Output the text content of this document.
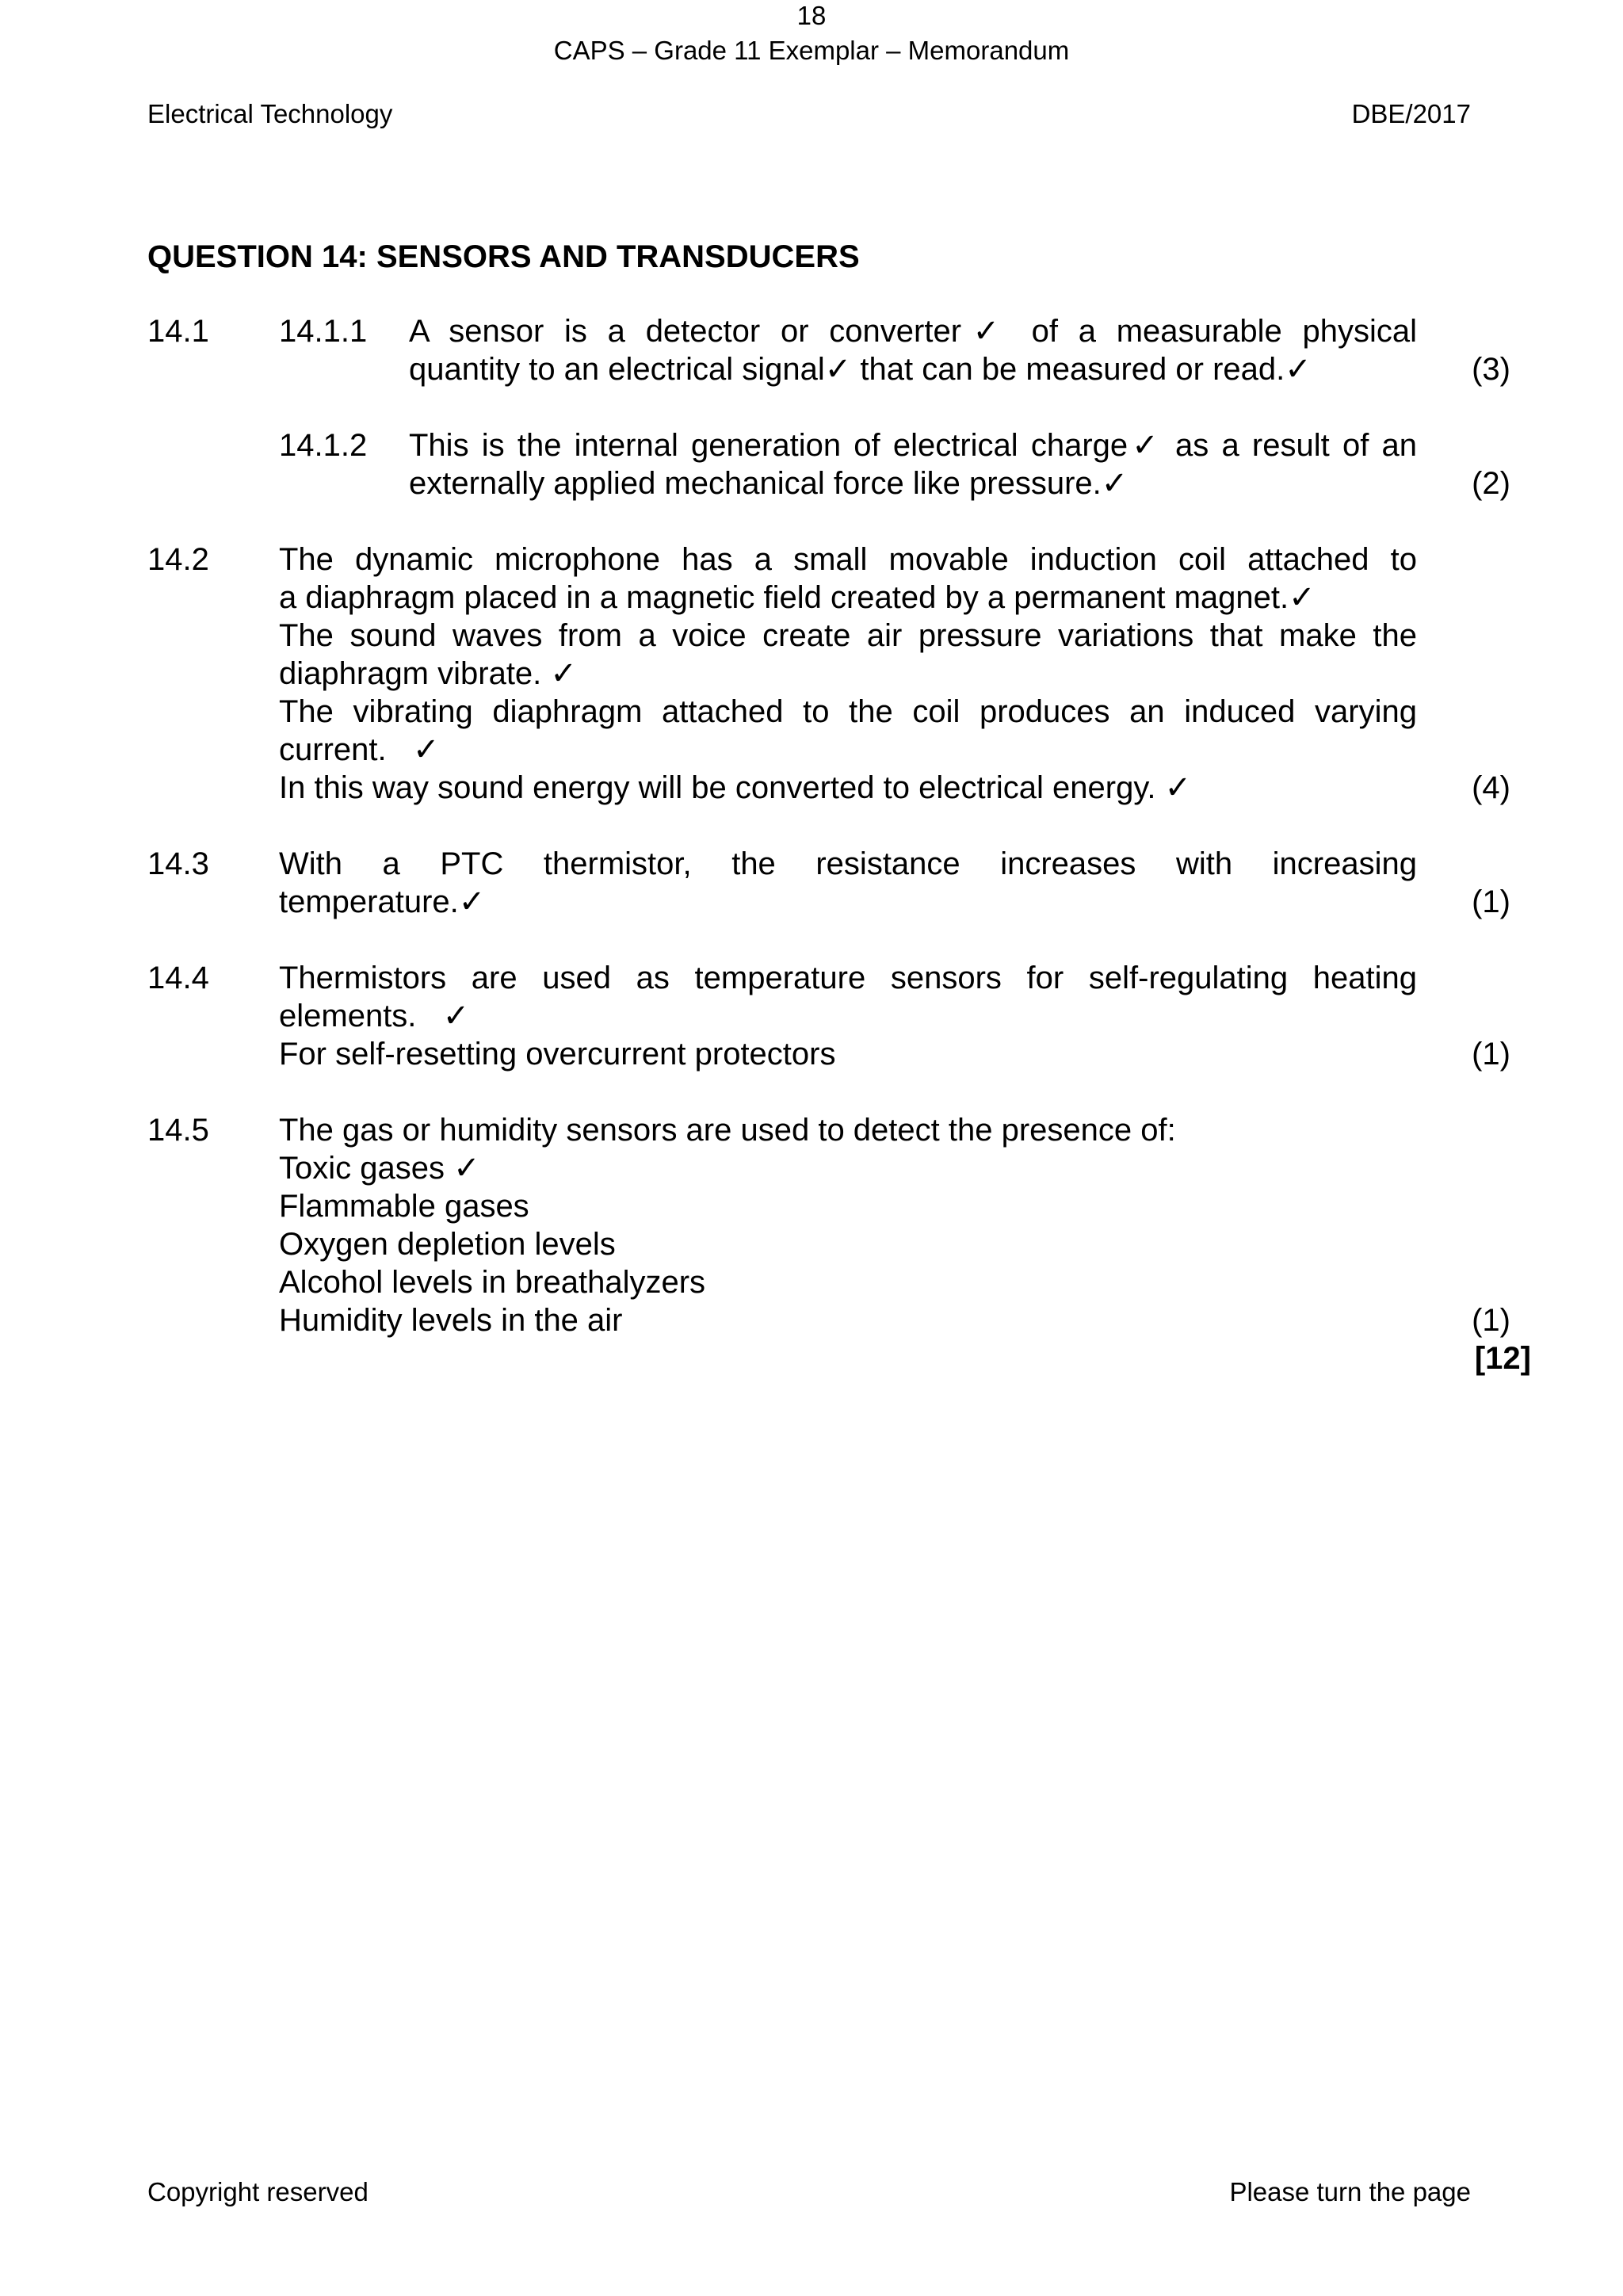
Electrical Technology
18
CAPS – Grade 11 Exemplar – Memorandum
DBE/2017
QUESTION 14: SENSORS AND TRANSDUCERS
14.1 14.1.1 A sensor is a detector or converter✓ of a measurable physical
quantity to an electrical signal✓ that can be measured or read.✓	(3)
14.1.2 This is the internal generation of electrical charge✓ as a result of an
externally applied mechanical force like pressure.✓	(2)
14.2 The dynamic microphone has a small movable induction coil attached to
a diaphragm placed in a magnetic field created by a permanent magnet.✓
The sound waves from a voice create air pressure variations that make the
diaphragm vibrate. ✓
The vibrating diaphragm attached to the coil produces an induced varying
current.   ✓
In this way sound energy will be converted to electrical energy. ✓	(4)
14.3 With a PTC thermistor, the resistance increases with increasing
temperature.✓	(1)
14.4 Thermistors are used as temperature sensors for self-regulating heating
elements.   ✓
For self-resetting overcurrent protectors	(1)
14.5 The gas or humidity sensors are used to detect the presence of:
Toxic gases ✓
Flammable gases
Oxygen depletion levels
Alcohol levels in breathalyzers
Humidity levels in the air	(1)
[12]
Copyright reserved	Please turn the page
